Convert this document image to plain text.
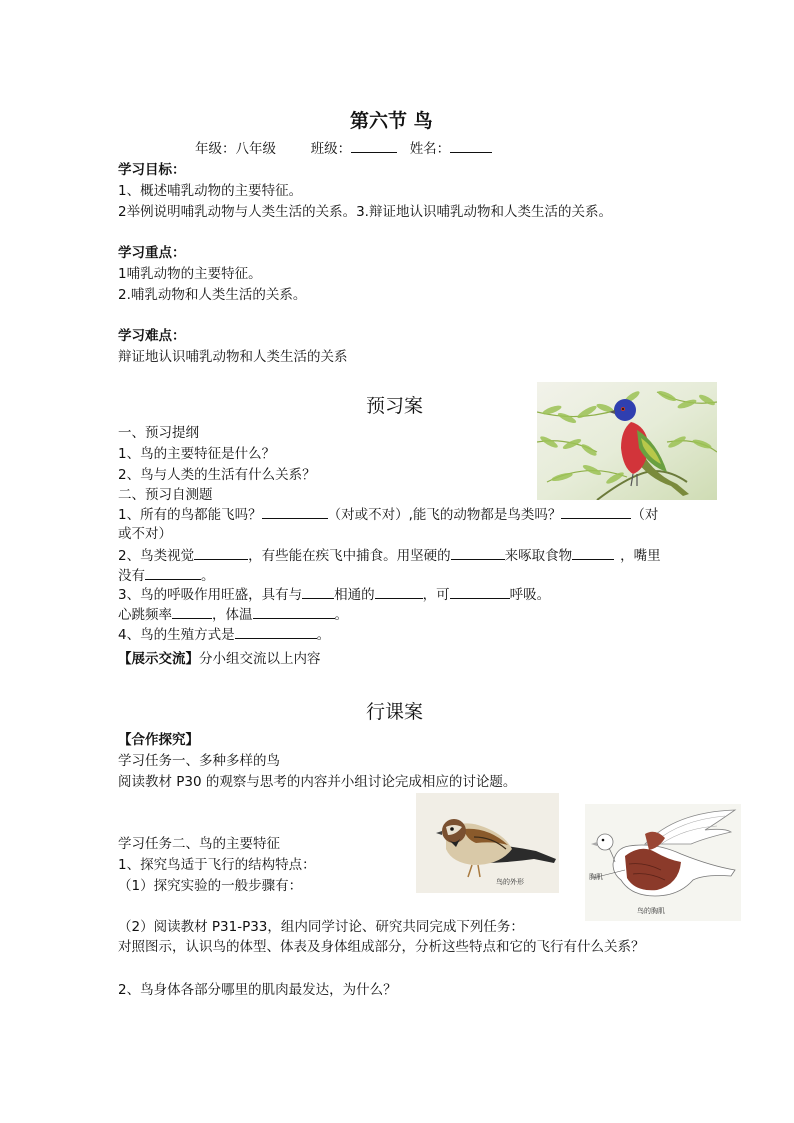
第六节 鸟
年级：八年级	班级：	姓名：
学习目标：
1、概述哺乳动物的主要特征。
2举例说明哺乳动物与人类生活的关系。3.辩证地认识哺乳动物和人类生活的关系。
学习重点：
1哺乳动物的主要特征。
2.哺乳动物和人类生活的关系。
学习难点：
辩证地认识哺乳动物和人类生活的关系
预习案
一、预习提纲
1、鸟的主要特征是什么？
2、鸟与人类的生活有什么关系？
二、预习自测题
1、所有的鸟都能飞吗？	（对或不对）,能飞的动物都是鸟类吗？	（对
或不对）
2、鸟类视觉	，有些能在疾飞中捕食。用坚硬的	来啄取食物	，嘴里
没有	。
3、鸟的呼吸作用旺盛，具有与 相通的	，可	呼吸。
心跳频率	，体温	。
4、鸟的生殖方式是	。
【展示交流】分小组交流以上内容
行课案
【合作探究】
学习任务一、多种多样的鸟
阅读教材 P30 的观察与思考的内容并小组讨论完成相应的讨论题。
鸟的外形
胸肌
鸟的胸肌
学习任务二、鸟的主要特征
1、探究鸟适于飞行的结构特点：
（1）探究实验的一般步骤有：
（2）阅读教材 P31-P33，组内同学讨论、研究共同完成下列任务：
对照图示，认识鸟的体型、体表及身体组成部分，分析这些特点和它的飞行有什么关系？
2、鸟身体各部分哪里的肌肉最发达，为什么？
